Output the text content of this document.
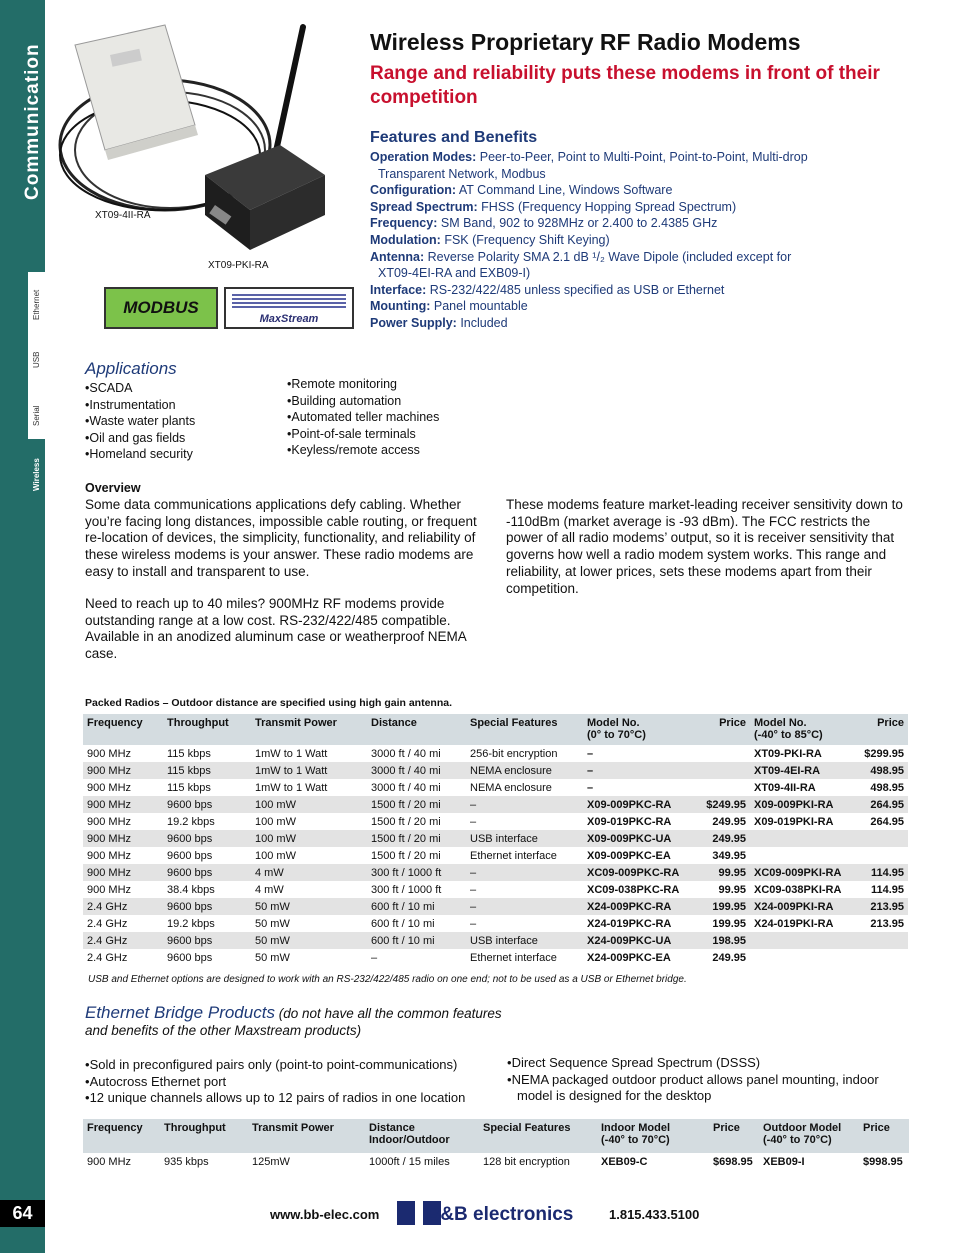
Communication
Ethernet
USB
Serial
Wireless
64
XT09-4II-RA
XT09-PKI-RA
MODBUS
MaxStream
Wireless Proprietary RF Radio Modems
Range and reliability puts these modems in front of their competition
Features and Benefits
Operation Modes: Peer-to-Peer, Point to Multi-Point, Point-to-Point, Multi-drop
Transparent Network, Modbus
Configuration: AT Command Line, Windows Software
Spread Spectrum: FHSS (Frequency Hopping Spread Spectrum)
Frequency: SM Band, 902 to 928MHz or 2.400 to 2.4385 GHz
Modulation: FSK (Frequency Shift Keying)
Antenna: Reverse Polarity SMA 2.1 dB ¹/₂ Wave Dipole (included except for
XT09-4EI-RA and EXB09-I)
Interface: RS-232/422/485 unless specified as USB or Ethernet
Mounting: Panel mountable
Power Supply: Included
Applications
• SCADA
• Instrumentation
• Waste water plants
• Oil and gas fields
• Homeland security
• Remote monitoring
• Building automation
• Automated teller machines
• Point-of-sale terminals
• Keyless/remote access
Overview
Some data communications applications defy cabling. Whether you’re facing long distances, impossible cable routing, or frequent re-location of devices, the simplicity, functionality, and reliability of these wireless modems is your answer. These radio modems are easy to install and transparent to use.
Need to reach up to 40 miles? 900MHz RF modems provide outstanding range at a low cost. RS-232/422/485 compatible. Available in an anodized aluminum case or weatherproof NEMA case.
These modems feature market-leading receiver sensitivity down to -110dBm (market average is -93 dBm). The FCC restricts the power of all radio modems’ output, so it is receiver sensitivity that governs how well a radio modem system works. This range and reliability, at lower prices, sets these modems apart from their competition.
Packed Radios – Outdoor distance are specified using high gain antenna.
Frequency	Throughput	Transmit Power	Distance	Special Features	Model No.
(0° to 70°C)	Price	Model No.
(-40° to 85°C)	Price
900 MHz	115 kbps	1mW to 1 Watt	3000 ft / 40 mi	256-bit encryption	–		XT09-PKI-RA	$299.95
900 MHz	115 kbps	1mW to 1 Watt	3000 ft / 40 mi	NEMA enclosure	–		XT09-4EI-RA	498.95
900 MHz	115 kbps	1mW to 1 Watt	3000 ft / 40 mi	NEMA enclosure	–		XT09-4II-RA	498.95
900 MHz	9600 bps	100 mW	1500 ft / 20 mi	–	X09-009PKC-RA	$249.95	X09-009PKI-RA	264.95
900 MHz	19.2 kbps	100 mW	1500 ft / 20 mi	–	X09-019PKC-RA	249.95	X09-019PKI-RA	264.95
900 MHz	9600 bps	100 mW	1500 ft / 20 mi	USB interface	X09-009PKC-UA	249.95		
900 MHz	9600 bps	100 mW	1500 ft / 20 mi	Ethernet interface	X09-009PKC-EA	349.95		
900 MHz	9600 bps	4 mW	300 ft / 1000 ft	–	XC09-009PKC-RA	99.95	XC09-009PKI-RA	114.95
900 MHz	38.4 kbps	4 mW	300 ft / 1000 ft	–	XC09-038PKC-RA	99.95	XC09-038PKI-RA	114.95
2.4 GHz	9600 bps	50 mW	600 ft / 10 mi	–	X24-009PKC-RA	199.95	X24-009PKI-RA	213.95
2.4 GHz	19.2 kbps	50 mW	600 ft / 10 mi	–	X24-019PKC-RA	199.95	X24-019PKI-RA	213.95
2.4 GHz	9600 bps	50 mW	600 ft / 10 mi	USB interface	X24-009PKC-UA	198.95		
2.4 GHz	9600 bps	50 mW	–	Ethernet interface	X24-009PKC-EA	249.95		
USB and Ethernet options are designed to work with an RS-232/422/485 radio on one end; not to be used as a USB or Ethernet bridge.
Ethernet Bridge Products (do not have all the common features and benefits of the other Maxstream products)
• Sold in preconfigured pairs only (point-to point-communications)
• Autocross Ethernet port
• 12 unique channels allows up to 12 pairs of radios in one location
• Direct Sequence Spread Spectrum (DSSS)
• NEMA packaged outdoor product allows panel mounting, indoor model is designed for the desktop
Frequency	Throughput	Transmit Power	Distance
Indoor/Outdoor	Special Features	Indoor Model
(-40° to 70°C)	Price	Outdoor Model
(-40° to 70°C)	Price
900 MHz	935 kbps	125mW	1000ft / 15 miles	128 bit encryption	XEB09-C	$698.95	XEB09-I	$998.95
www.bb-elec.com B&B electronics	1.815.433.5100
